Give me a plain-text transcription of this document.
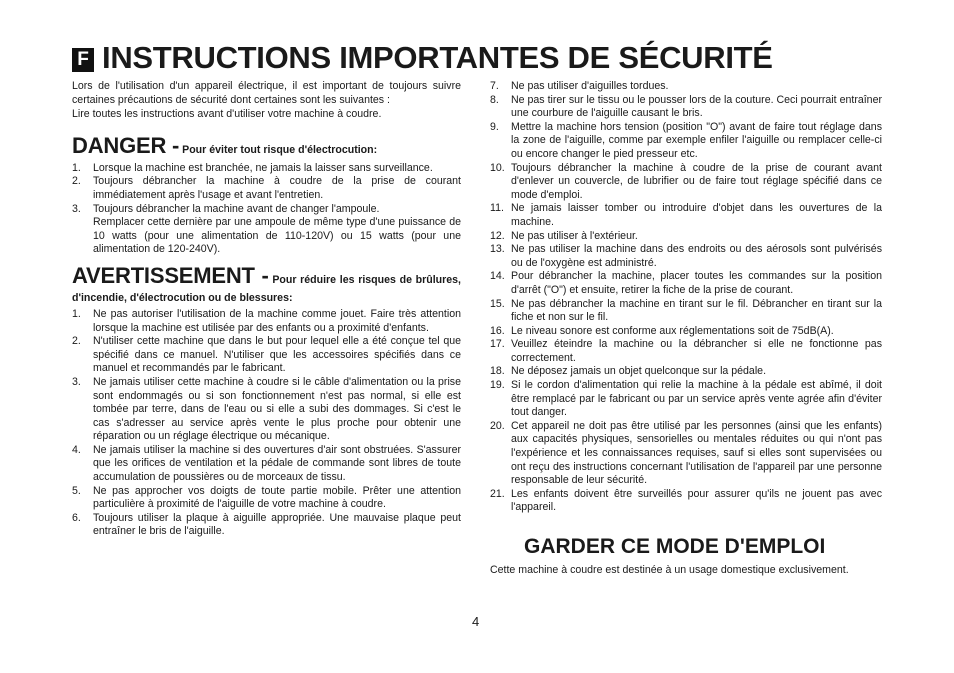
F INSTRUCTIONS IMPORTANTES DE SÉCURITÉ

Lors de l'utilisation d'un appareil électrique, il est important de toujours suivre certaines précautions de sécurité dont certaines sont les suivantes :

Lire toutes les instructions avant d'utiliser votre machine à coudre.

DANGER - Pour éviter tout risque d'électrocution:
1.	Lorsque la machine est branchée, ne jamais la laisser sans surveillance.
2.	Toujours débrancher la machine à coudre de la prise de courant immédiatement après l'usage et avant l'entretien.
3.	Toujours débrancher la machine avant de changer l'ampoule.
Remplacer cette dernière par une ampoule de même type d'une puissance de 10 watts (pour une alimentation de 110-120V) ou 15 watts (pour une alimentation de 120-240V).

AVERTISSEMENT - Pour réduire les risques de brûlures, d'incendie, d'électrocution ou de blessures:

1.	Ne pas autoriser l'utilisation de la machine comme jouet. Faire très attention lorsque la machine est utilisée par des enfants ou a proximité d'enfants.
2.	N'utiliser cette machine que dans le but pour lequel elle a été conçue tel que spécifié dans ce manuel. N'utiliser que les accessoires spécifiés dans ce manuel et recommandés par le fabricant.
3.	Ne jamais utiliser cette machine à coudre si le câble d'alimentation ou la prise sont endommagés ou si son fonctionnement n'est pas normal, si elle est tombée par terre, dans de l'eau ou si elle a subi des dommages. Si c'est le cas s'adresser au service après vente le plus proche pour obtenir une réparation ou un réglage électrique ou mécanique.
4.	Ne jamais utiliser la machine si des ouvertures d'air sont obstruées. S'assurer que les orifices de ventilation et la pédale de commande sont libres de toute accumulation de poussières ou de morceaux de tissu.
5.	Ne pas approcher vos doigts de toute partie mobile. Prêter une attention particulière à proximité de l'aiguille de votre machine à coudre.
6.	Toujours utiliser la plaque à aiguille appropriée. Une mauvaise plaque peut entraîner le bris de l'aiguille.
7.	Ne pas utiliser d'aiguilles tordues.
8.	Ne pas tirer sur le tissu ou le pousser lors de la couture. Ceci pourrait entraîner une courbure de l'aiguille causant le bris.
9.	Mettre la machine hors tension (position "O") avant de faire tout réglage dans la zone de l'aiguille, comme par exemple enfiler l'aiguille ou remplacer celle-ci ou encore changer le pied presseur etc.
10. Toujours débrancher la machine à coudre de la prise de courant avant d'enlever un couvercle, de lubrifier ou de faire tout réglage spécifié dans ce mode d'emploi.
11. Ne jamais laisser tomber ou introduire d'objet dans les ouvertures de la machine.
12. Ne pas utiliser à l'extérieur.
13. Ne pas utiliser la machine dans des endroits ou des aérosols sont pulvérisés ou de l'oxygène est administré.
14. Pour débrancher la machine, placer toutes les commandes sur la position d'arrêt ("O") et ensuite, retirer la fiche de la prise de courant.
15. Ne pas débrancher la machine en tirant sur le fil. Débrancher en tirant sur la fiche et non sur le fil.
16. Le niveau sonore est conforme aux réglementations soit de 75dB(A).
17. Veuillez éteindre la machine ou la débrancher si elle ne fonctionne pas correctement.
18. Ne déposez jamais un objet quelconque sur la pédale.
19. Si le cordon d'alimentation qui relie la machine à la pédale est abîmé, il doit être remplacé par le fabricant ou par un service après vente agrée afin d'éviter tout danger.
20. Cet appareil ne doit pas être utilisé par les personnes (ainsi que les enfants) aux capacités physiques, sensorielles ou mentales réduites ou qui n'ont pas l'expérience et les connaissances requises, sauf si elles sont supervisées ou ont reçu des instructions concernant l'utilisation de l'appareil par une personne responsable de leur sécurité.
21. Les enfants doivent être surveillés pour assurer qu'ils ne jouent pas avec l'appareil.
GARDER CE MODE D'EMPLOI

Cette machine à coudre est destinée à un usage domestique exclusivement.

4
